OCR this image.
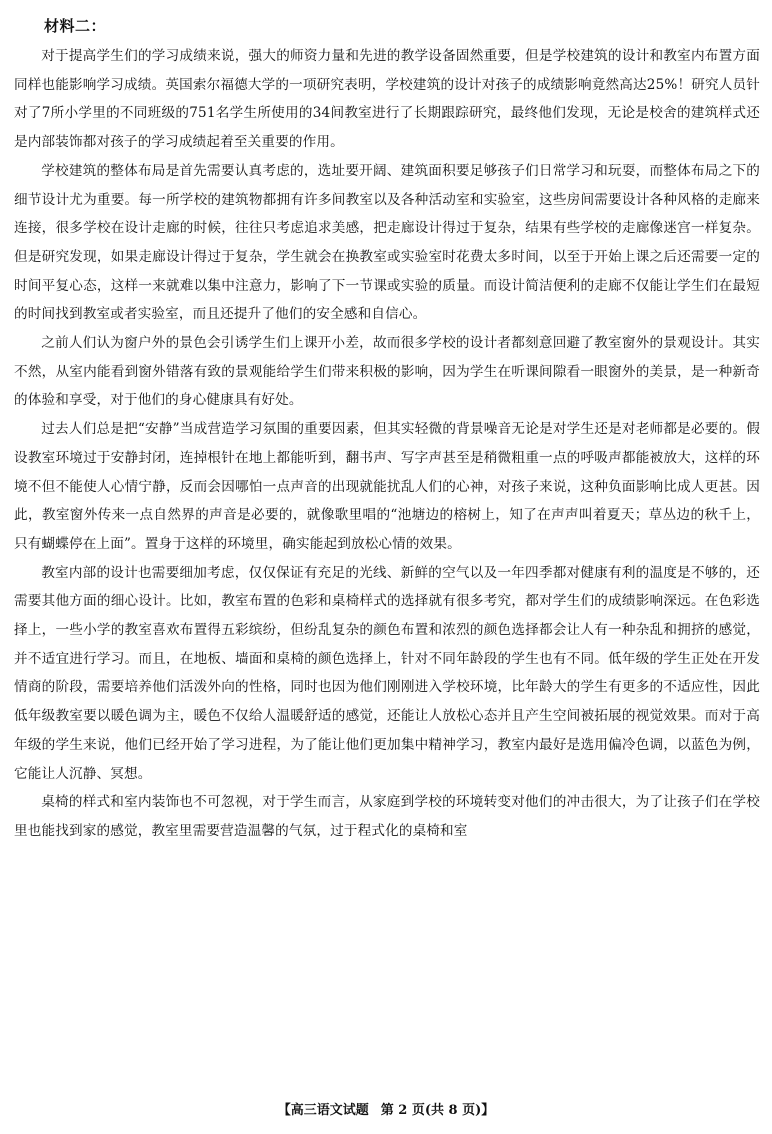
材料二：

对于提高学生们的学习成绩来说，强大的师资力量和先进的教学设备固然重要，但是学校建筑的设计和教室内布置方面同样也能影响学习成绩。英国索尔福德大学的一项研究表明，学校建筑的设计对孩子的成绩影响竟然高达25%！研究人员针对了7所小学里的不同班级的751名学生所使用的34间教室进行了长期跟踪研究，最终他们发现，无论是校舍的建筑样式还是内部装饰都对孩子的学习成绩起着至关重要的作用。

学校建筑的整体布局是首先需要认真考虑的，选址要开阔、建筑面积要足够孩子们日常学习和玩耍，而整体布局之下的细节设计尤为重要。每一所学校的建筑物都拥有许多间教室以及各种活动室和实验室，这些房间需要设计各种风格的走廊来连接，很多学校在设计走廊的时候，往往只考虑追求美感，把走廊设计得过于复杂，结果有些学校的走廊像迷宫一样复杂。但是研究发现，如果走廊设计得过于复杂，学生就会在换教室或实验室时花费太多时间，以至于开始上课之后还需要一定的时间平复心态，这样一来就难以集中注意力，影响了下一节课或实验的质量。而设计简洁便利的走廊不仅能让学生们在最短的时间找到教室或者实验室，而且还提升了他们的安全感和自信心。

之前人们认为窗户外的景色会引诱学生们上课开小差，故而很多学校的设计者都刻意回避了教室窗外的景观设计。其实不然，从室内能看到窗外错落有致的景观能给学生们带来积极的影响，因为学生在听课间隙看一眼窗外的美景，是一种新奇的体验和享受，对于他们的身心健康具有好处。

过去人们总是把“安静”当成营造学习氛围的重要因素，但其实轻微的背景噪音无论是对学生还是对老师都是必要的。假设教室环境过于安静封闭，连掉根针在地上都能听到，翻书声、写字声甚至是稍微粗重一点的呼吸声都能被放大，这样的环境不但不能使人心情宁静，反而会因哪怕一点声音的出现就能扰乱人们的心神，对孩子来说，这种负面影响比成人更甚。因此，教室窗外传来一点自然界的声音是必要的，就像歌里唱的“池塘边的榕树上，知了在声声叫着夏天；草丛边的秋千上，只有蝴蝶停在上面”。置身于这样的环境里，确实能起到放松心情的效果。

教室内部的设计也需要细加考虑，仅仅保证有充足的光线、新鲜的空气以及一年四季都对健康有利的温度是不够的，还需要其他方面的细心设计。比如，教室布置的色彩和桌椅样式的选择就有很多考究，都对学生们的成绩影响深远。在色彩选择上，一些小学的教室喜欢布置得五彩缤纷，但纷乱复杂的颜色布置和浓烈的颜色选择都会让人有一种杂乱和拥挤的感觉，并不适宜进行学习。而且，在地板、墙面和桌椅的颜色选择上，针对不同年龄段的学生也有不同。低年级的学生正处在开发情商的阶段，需要培养他们活泼外向的性格，同时也因为他们刚刚进入学校环境，比年龄大的学生有更多的不适应性，因此低年级教室要以暖色调为主，暖色不仅给人温暖舒适的感觉，还能让人放松心态并且产生空间被拓展的视觉效果。而对于高年级的学生来说，他们已经开始了学习进程，为了能让他们更加集中精神学习，教室内最好是选用偏冷色调，以蓝色为例，它能让人沉静、冥想。

桌椅的样式和室内装饰也不可忽视，对于学生而言，从家庭到学校的环境转变对他们的冲击很大，为了让孩子们在学校里也能找到家的感觉，教室里需要营造温馨的气氛，过于程式化的桌椅和室

【高三语文试题 第 2 页(共 8 页)】
